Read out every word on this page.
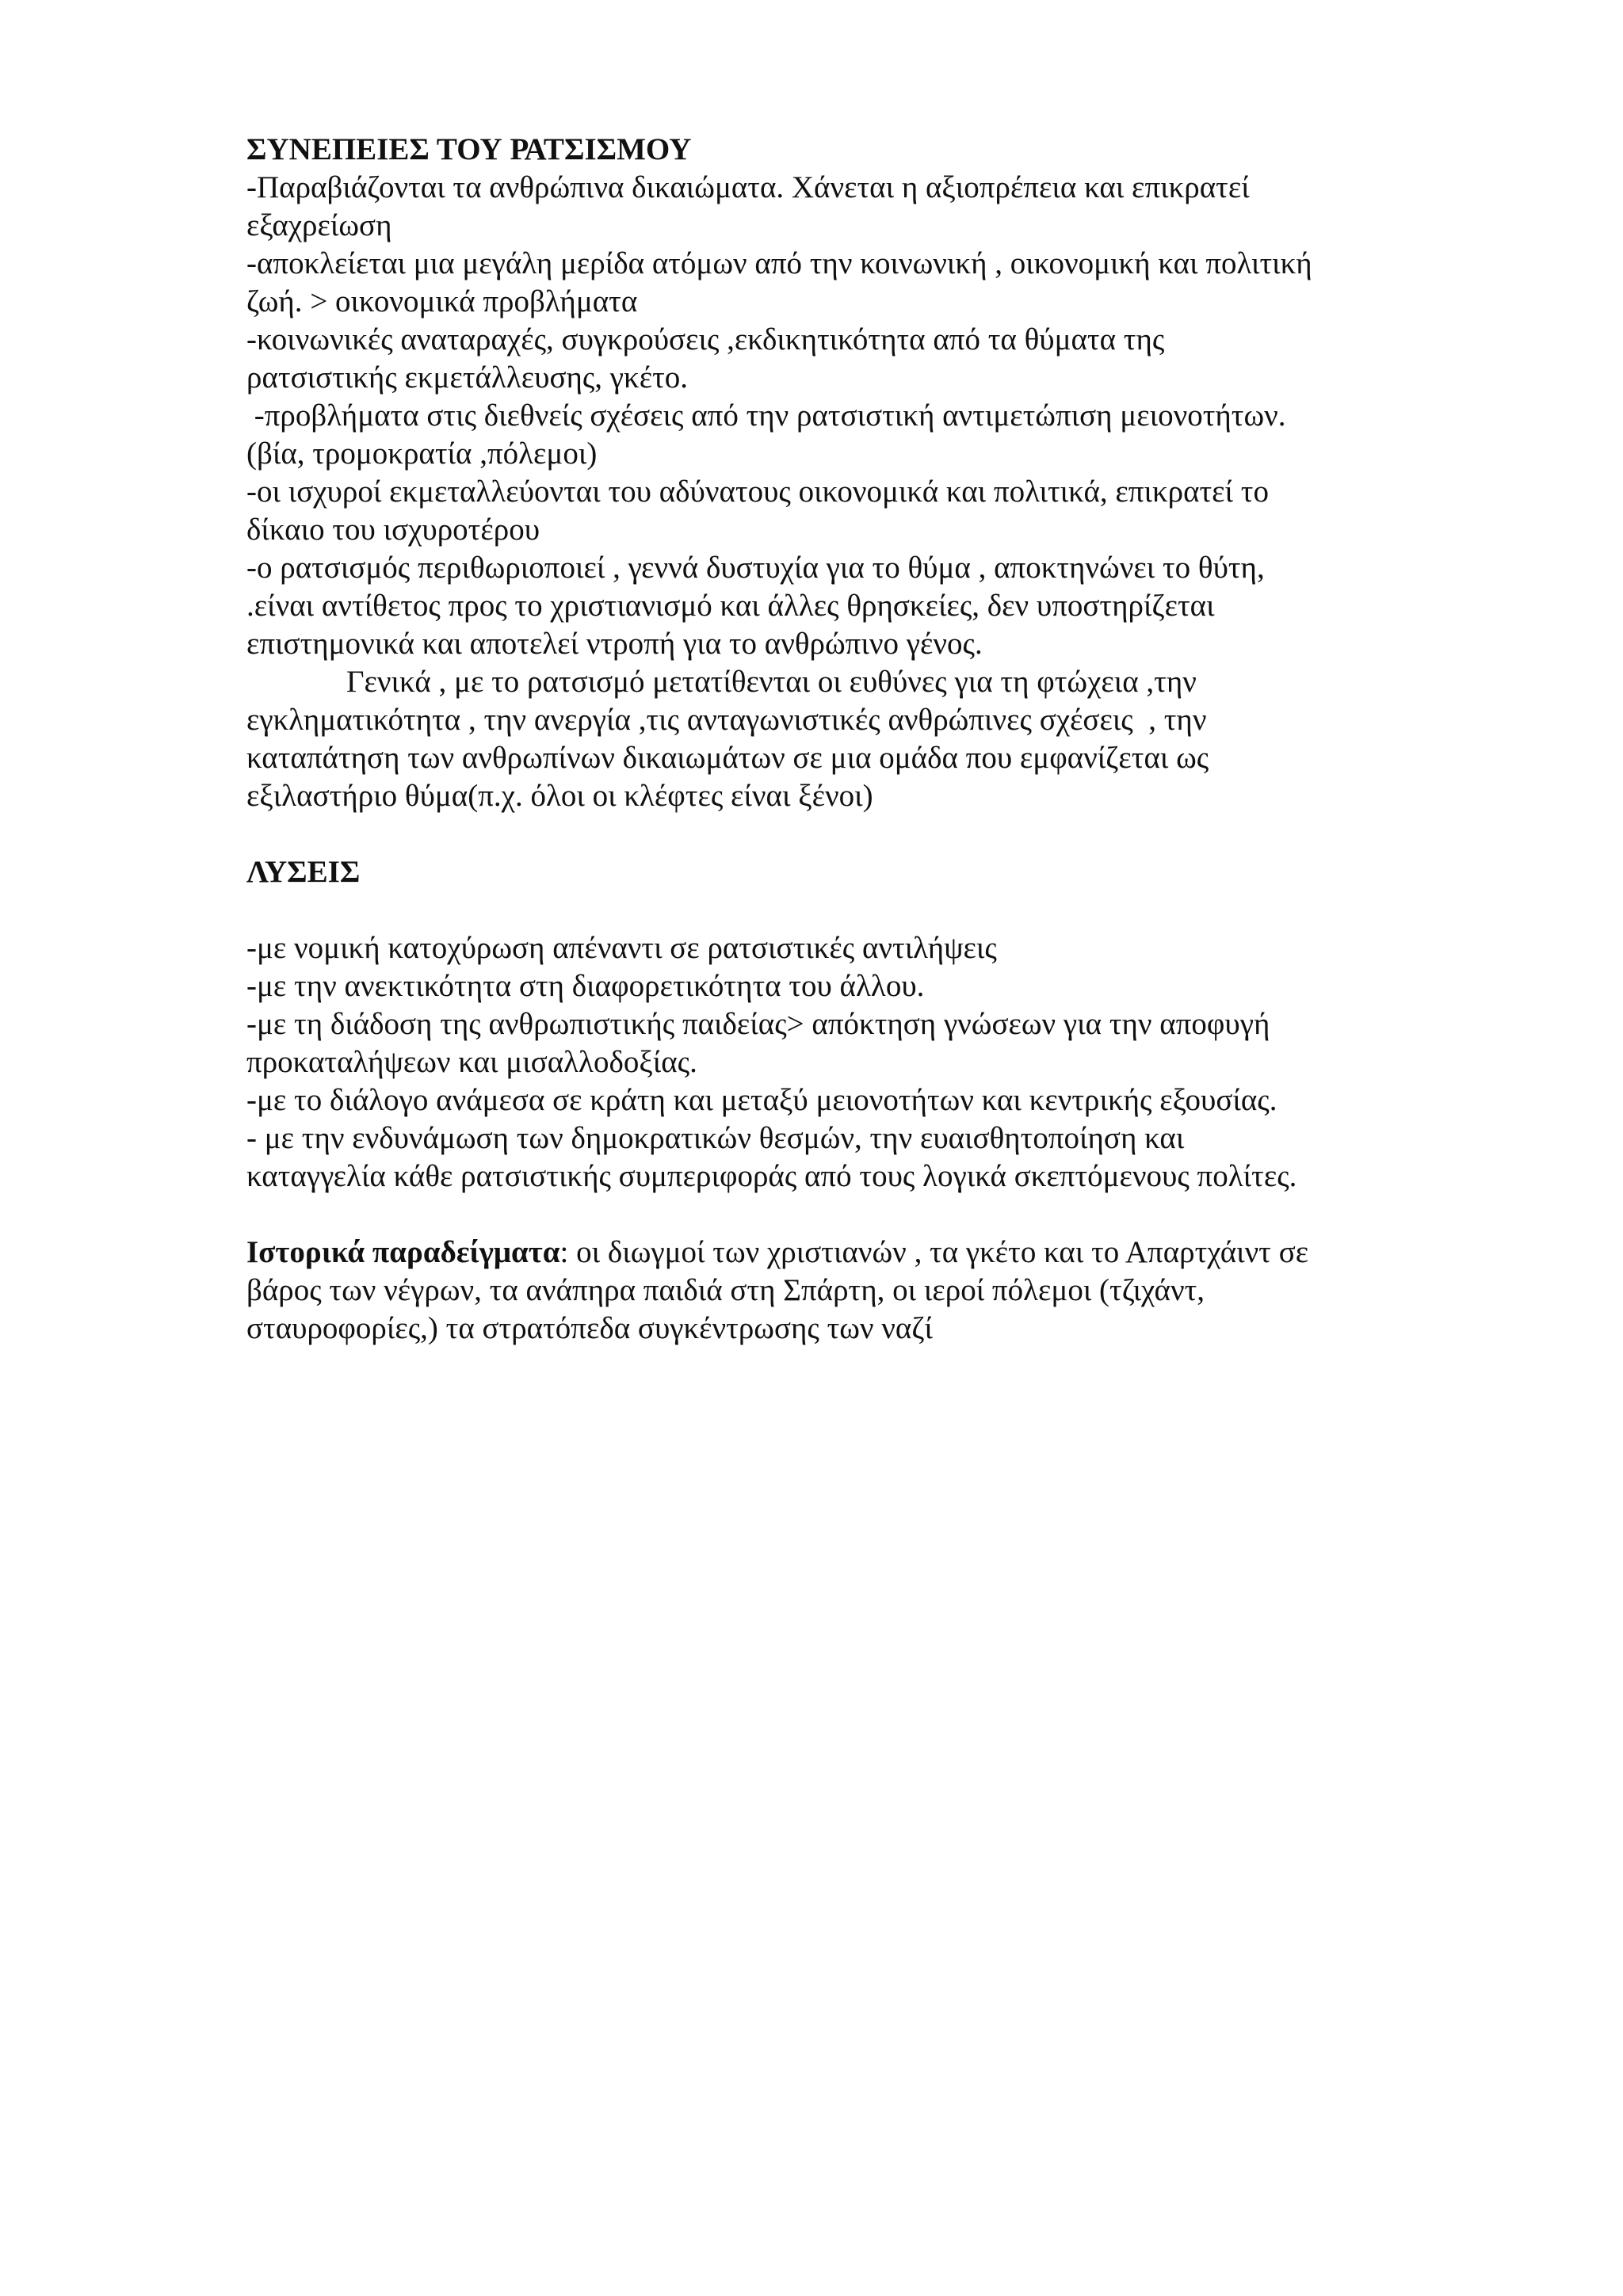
ΣΥΝΕΠΕΙΕΣ ΤΟΥ ΡΑΤΣΙΣΜΟΥ
-Παραβιάζονται τα ανθρώπινα δικαιώματα. Χάνεται η αξιοπρέπεια και επικρατεί
εξαχρείωση
-αποκλείεται μια μεγάλη μερίδα ατόμων από την κοινωνική , οικονομική και πολιτική
ζωή. > οικονομικά προβλήματα
-κοινωνικές αναταραχές, συγκρούσεις ,εκδικητικότητα από τα θύματα της
ρατσιστικής εκμετάλλευσης, γκέτο.
-προβλήματα στις διεθνείς σχέσεις από την ρατσιστική αντιμετώπιση μειονοτήτων.
(βία, τρομοκρατία ,πόλεμοι)
-οι ισχυροί εκμεταλλεύονται του αδύνατους οικονομικά και πολιτικά, επικρατεί το
δίκαιο του ισχυροτέρου
-ο ρατσισμός περιθωριοποιεί , γεννά δυστυχία για το θύμα , αποκτηνώνει το θύτη,
.είναι αντίθετος προς το χριστιανισμό και άλλες θρησκείες, δεν υποστηρίζεται
επιστημονικά και αποτελεί ντροπή για το ανθρώπινο γένος.
Γενικά , με το ρατσισμό μετατίθενται οι ευθύνες για τη φτώχεια ,την
εγκληματικότητα , την ανεργία ,τις ανταγωνιστικές ανθρώπινες σχέσεις  , την
καταπάτηση των ανθρωπίνων δικαιωμάτων σε μια ομάδα που εμφανίζεται ως
εξιλαστήριο θύμα(π.χ. όλοι οι κλέφτες είναι ξένοι)
ΛΥΣΕΙΣ
-με νομική κατοχύρωση απέναντι σε ρατσιστικές αντιλήψεις
-με την ανεκτικότητα στη διαφορετικότητα του άλλου.
-με τη διάδοση της ανθρωπιστικής παιδείας> απόκτηση γνώσεων για την αποφυγή
προκαταλήψεων και μισαλλοδοξίας.
-με το διάλογο ανάμεσα σε κράτη και μεταξύ μειονοτήτων και κεντρικής εξουσίας.
- με την ενδυνάμωση των δημοκρατικών θεσμών, την ευαισθητοποίηση και
καταγγελία κάθε ρατσιστικής συμπεριφοράς από τους λογικά σκεπτόμενους πολίτες.
Ιστορικά παραδείγματα: οι διωγμοί των χριστιανών , τα γκέτο και το Απαρτχάιντ σε
βάρος των νέγρων, τα ανάπηρα παιδιά στη Σπάρτη, οι ιεροί πόλεμοι (τζιχάντ,
σταυροφορίες,) τα στρατόπεδα συγκέντρωσης των ναζί
